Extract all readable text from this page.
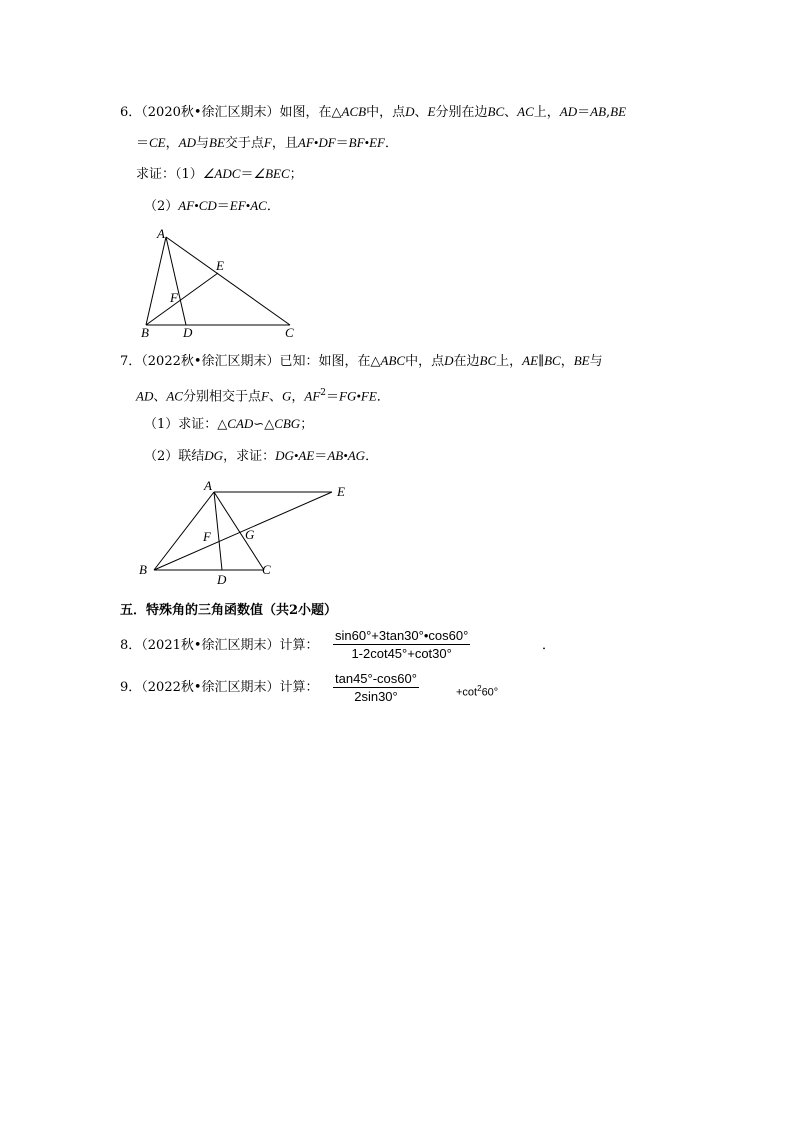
6．（2020秋•徐汇区期末）如图，在△ACB中，点D、E分别在边BC、AC上，AD＝AB,BE
＝CE，AD与BE交于点F，且AF•DF＝BF•EF．
求证：（1）∠ADC＝∠BEC；
（2）AF•CD＝EF•AC．
A
E
F
B	D	C
7．（2022秋•徐汇区期末）已知：如图，在△ABC中，点D在边BC上，AE∥BC，BE与
AD、AC分别相交于点F、G，$AF^2=FG•FE$．
（1）求证：△CAD∽△CBG；
（2）联结DG，求证：DG•AE＝AB•AG．
A	E
F	G
B
D
C
五．特殊角的三角函数值（共2小题）
8．（2021秋•徐汇区期末）计算： $\frac{\sin 60^\circ+3\tan 30^\circ•\cos 60^\circ}{1-2\cot 45^\circ+\cot 30^\circ}$	．
9．（2022秋•徐汇区期末）计算： $\frac{\tan 45^\circ-\cos 60^\circ}{2\sin 30^\circ}$	$+\cot^260^\circ$
